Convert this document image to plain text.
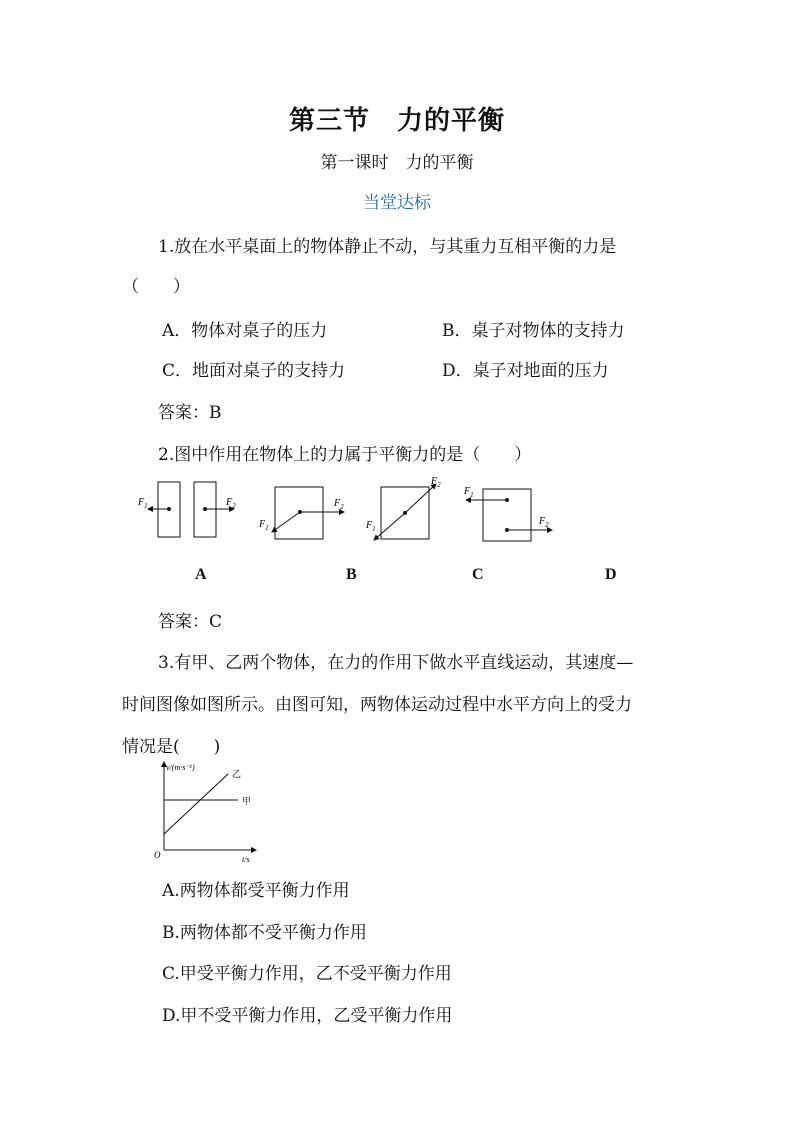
第三节　力的平衡
第一课时　力的平衡
当堂达标
1.放在水平桌面上的物体静止不动，与其重力互相平衡的力是
（　　）
A．物体对桌子的压力	B．桌子对物体的支持力
C．地面对桌子的支持力	D．桌子对地面的压力
答案：B
2.图中作用在物体上的力属于平衡力的是（　　）
$F_1$	$F_2$	$F_2$
$F_1$
$F_2$
$F_1$
$F_1$
$F_2$
A	B	C	D
答案：C
3.有甲、乙两个物体，在力的作用下做水平直线运动，其速度—
时间图像如图所示。由图可知，两物体运动过程中水平方向上的受力
情况是(　　)
v/(m·s⁻¹)
t/s
O
甲
乙
A.两物体都受平衡力作用
B.两物体都不受平衡力作用
C.甲受平衡力作用，乙不受平衡力作用
D.甲不受平衡力作用，乙受平衡力作用
